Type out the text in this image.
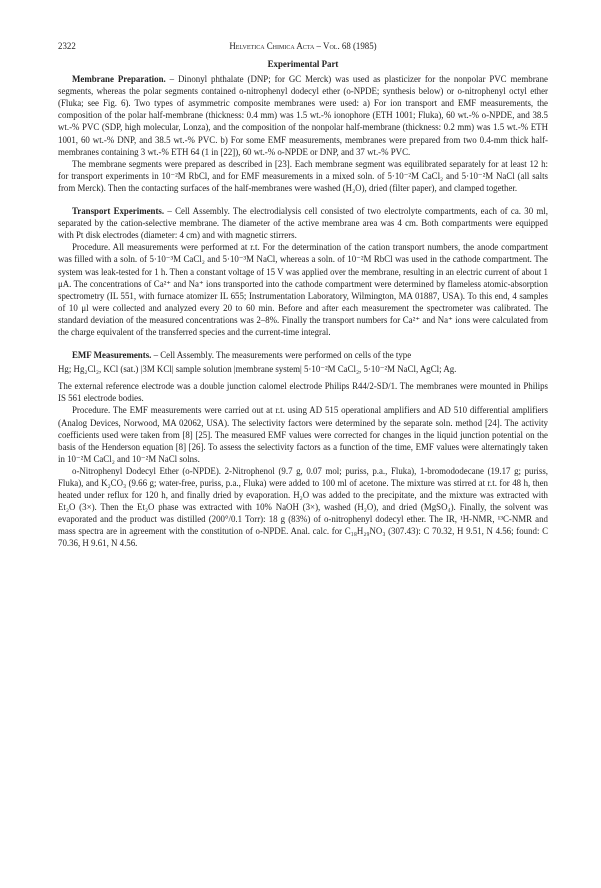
2322	Helvetica Chimica Acta – Vol. 68 (1985)
Experimental Part

Membrane Preparation. – Dinonyl phthalate (DNP; for GC Merck) was used as plasticizer for the nonpolar PVC membrane segments, whereas the polar segments contained o-nitrophenyl dodecyl ether (o-NPDE; synthesis below) or o-nitrophenyl octyl ether (Fluka; see Fig. 6). Two types of asymmetric composite membranes were used: a) For ion transport and EMF measurements, the composition of the polar half-membrane (thickness: 0.4 mm) was 1.5 wt.-% ionophore (ETH 1001; Fluka), 60 wt.-% o-NPDE, and 38.5 wt.-% PVC (SDP, high molecular, Lonza), and the composition of the nonpolar half-membrane (thickness: 0.2 mm) was 1.5 wt.-% ETH 1001, 60 wt.-% DNP, and 38.5 wt.-% PVC. b) For some EMF measurements, membranes were prepared from two 0.4-mm thick half-membranes containing 3 wt.-% ETH 64 (1 in [22]), 60 wt.-% o-NPDE or DNP, and 37 wt.-% PVC.

The membrane segments were prepared as described in [23]. Each membrane segment was equilibrated separately for at least 12 h: for transport experiments in 10⁻²M RbCl, and for EMF measurements in a mixed soln. of 5·10⁻²M CaCl₂ and 5·10⁻²M NaCl (all salts from Merck). Then the contacting surfaces of the half-membranes were washed (H₂O), dried (filter paper), and clamped together.

Transport Experiments. – Cell Assembly. The electrodialysis cell consisted of two electrolyte compartments, each of ca. 30 ml, separated by the cation-selective membrane. The diameter of the active membrane area was 4 cm. Both compartments were equipped with Pt disk electrodes (diameter: 4 cm) and with magnetic stirrers.

Procedure. All measurements were performed at r.t. For the determination of the cation transport numbers, the anode compartment was filled with a soln. of 5·10⁻³M CaCl₂ and 5·10⁻³M NaCl, whereas a soln. of 10⁻²M RbCl was used in the cathode compartment. The system was leak-tested for 1 h. Then a constant voltage of 15 V was applied over the membrane, resulting in an electric current of about 1 μA. The concentrations of Ca²⁺ and Na⁺ ions transported into the cathode compartment were determined by flameless atomic-absorption spectrometry (IL 551, with furnace atomizer IL 655; Instrumentation Laboratory, Wilmington, MA 01887, USA). To this end, 4 samples of 10 μl were collected and analyzed every 20 to 60 min. Before and after each measurement the spectrometer was calibrated. The standard deviation of the measured concentrations was 2–8%. Finally the transport numbers for Ca²⁺ and Na⁺ ions were calculated from the charge equivalent of the transferred species and the current-time integral.

EMF Measurements. – Cell Assembly. The measurements were performed on cells of the type

Hg; Hg₂Cl₂, KCl (sat.) |3M KCl| sample solution |membrane system| 5·10⁻²M CaCl₂, 5·10⁻²M NaCl, AgCl; Ag.

The external reference electrode was a double junction calomel electrode Philips R44/2-SD/1. The membranes were mounted in Philips IS 561 electrode bodies.

Procedure. The EMF measurements were carried out at r.t. using AD 515 operational amplifiers and AD 510 differential amplifiers (Analog Devices, Norwood, MA 02062, USA). The selectivity factors were determined by the separate soln. method [24]. The activity coefficients used were taken from [8] [25]. The measured EMF values were corrected for changes in the liquid junction potential on the basis of the Henderson equation [8] [26]. To assess the selectivity factors as a function of the time, EMF values were alternatingly taken in 10⁻²M CaCl₂ and 10⁻²M NaCl solns.

o-Nitrophenyl Dodecyl Ether (o-NPDE). 2-Nitrophenol (9.7 g, 0.07 mol; puriss, p.a., Fluka), 1-bromododecane (19.17 g; puriss, Fluka), and K₂CO₃ (9.66 g; water-free, puriss, p.a., Fluka) were added to 100 ml of acetone. The mixture was stirred at r.t. for 48 h, then heated under reflux for 120 h, and finally dried by evaporation. H₂O was added to the precipitate, and the mixture was extracted with Et₂O (3×). Then the Et₂O phase was extracted with 10% NaOH (3×), washed (H₂O), and dried (MgSO₄). Finally, the solvent was evaporated and the product was distilled (200°/0.1 Torr): 18 g (83%) of o-nitrophenyl dodecyl ether. The IR, ¹H-NMR, ¹³C-NMR and mass spectra are in agreement with the constitution of o-NPDE. Anal. calc. for C₁₈H₂₉NO₃ (307.43): C 70.32, H 9.51, N 4.56; found: C 70.36, H 9.61, N 4.56.
